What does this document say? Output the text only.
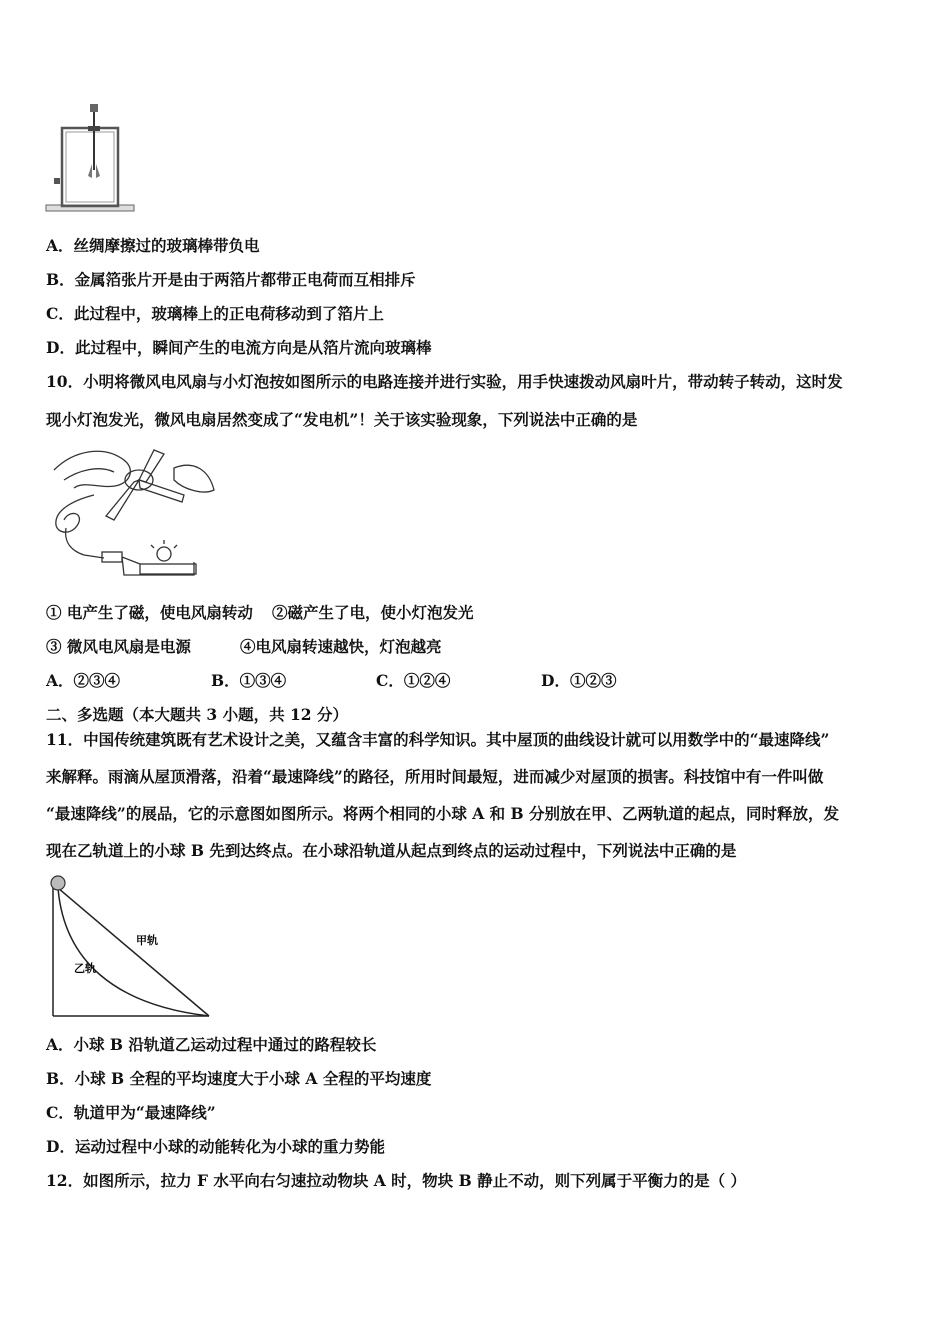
A．丝绸摩擦过的玻璃棒带负电
B．金属箔张片开是由于两箔片都带正电荷而互相排斥
C．此过程中，玻璃棒上的正电荷移动到了箔片上
D．此过程中，瞬间产生的电流方向是从箔片流向玻璃棒
10．小明将微风电风扇与小灯泡按如图所示的电路连接并进行实验，用手快速拨动风扇叶片，带动转子转动，这时发
现小灯泡发光，微风电扇居然变成了“发电机”！关于该实验现象，下列说法中正确的是
① 电产生了磁，使电风扇转动 ②磁产生了电，使小灯泡发光
③ 微风电风扇是电源	④电风扇转速越快，灯泡越亮
A．②③④	B．①③④	C．①②④	D．①②③
二、多选题（本大题共 3 小题，共 12 分）
11．中国传统建筑既有艺术设计之美，又蕴含丰富的科学知识。其中屋顶的曲线设计就可以用数学中的“最速降线”
来解释。雨滴从屋顶滑落，沿着“最速降线”的路径，所用时间最短，进而减少对屋顶的损害。科技馆中有一件叫做
“最速降线”的展品，它的示意图如图所示。将两个相同的小球 A 和 B 分别放在甲、乙两轨道的起点，同时释放，发
现在乙轨道上的小球 B 先到达终点。在小球沿轨道从起点到终点的运动过程中，下列说法中正确的是
甲轨
乙轨
A．小球 B 沿轨道乙运动过程中通过的路程较长
B．小球 B 全程的平均速度大于小球 A 全程的平均速度
C．轨道甲为“最速降线”
D．运动过程中小球的动能转化为小球的重力势能
12．如图所示，拉力 F 水平向右匀速拉动物块 A 时，物块 B 静止不动，则下列属于平衡力的是（ ）
